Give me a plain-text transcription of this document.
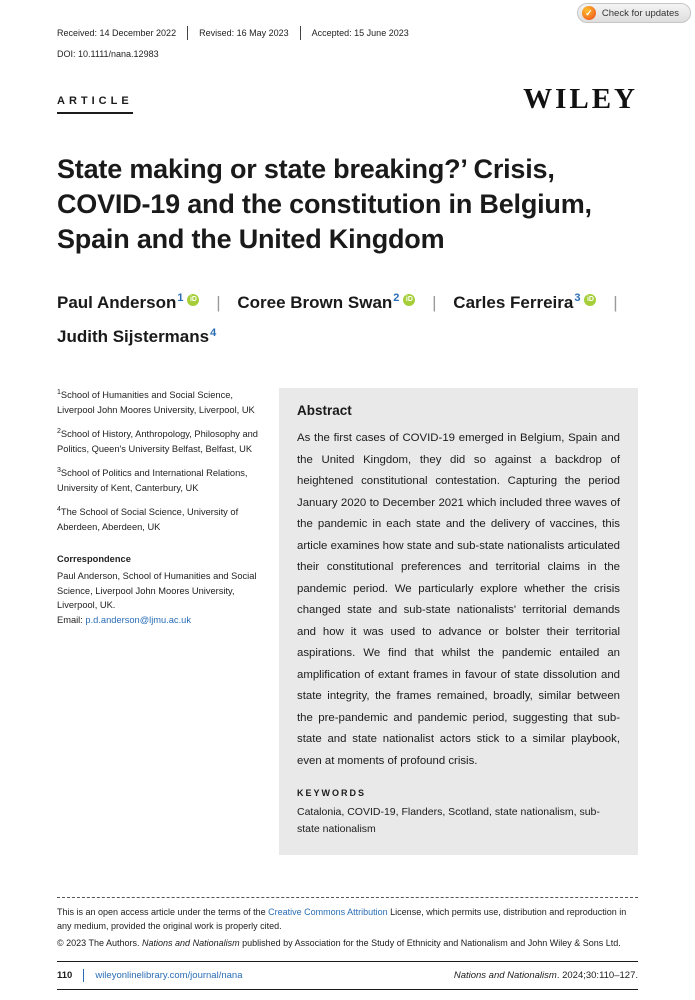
✓ Check for updates
Received: 14 December 2022	Revised: 16 May 2023	Accepted: 15 June 2023
DOI: 10.1111/nana.12983
ARTICLE	WILEY
State making or state breaking?’ Crisis, COVID-19 and the constitution in Belgium, Spain and the United Kingdom
Paul Anderson$^1$ iD | Coree Brown Swan$^2$ iD | Carles Ferreira$^3$ iD | Judith Sijstermans$^4$
$^1$School of Humanities and Social Science, Liverpool John Moores University, Liverpool, UK
$^2$School of History, Anthropology, Philosophy and Politics, Queen's University Belfast, Belfast, UK
$^3$School of Politics and International Relations, University of Kent, Canterbury, UK
$^4$The School of Social Science, University of Aberdeen, Aberdeen, UK
Correspondence
Paul Anderson, School of Humanities and Social Science, Liverpool John Moores University, Liverpool, UK.
Email: p.d.anderson@ljmu.ac.uk
Abstract

As the first cases of COVID-19 emerged in Belgium, Spain and the United Kingdom, they did so against a backdrop of heightened constitutional contestation. Capturing the period January 2020 to December 2021 which included three waves of the pandemic in each state and the delivery of vaccines, this article examines how state and sub-state nationalists articulated their constitutional preferences and territorial claims in the pandemic period. We particularly explore whether the crisis changed state and sub-state nationalists' territorial demands and how it was used to advance or bolster their territorial aspirations. We find that whilst the pandemic entailed an amplification of extant frames in favour of state dissolution and state integrity, the frames remained, broadly, similar between the pre-pandemic and pandemic period, suggesting that sub-state and state nationalist actors stick to a similar playbook, even at moments of profound crisis.

KEYWORDS
Catalonia, COVID-19, Flanders, Scotland, state nationalism, sub-state nationalism

This is an open access article under the terms of the Creative Commons Attribution License, which permits use, distribution and reproduction in any medium, provided the original work is properly cited.

© 2023 The Authors. Nations and Nationalism published by Association for the Study of Ethnicity and Nationalism and John Wiley & Sons Ltd.

110 wileyonlinelibrary.com/journal/nana	Nations and Nationalism. 2024;30:110–127.
